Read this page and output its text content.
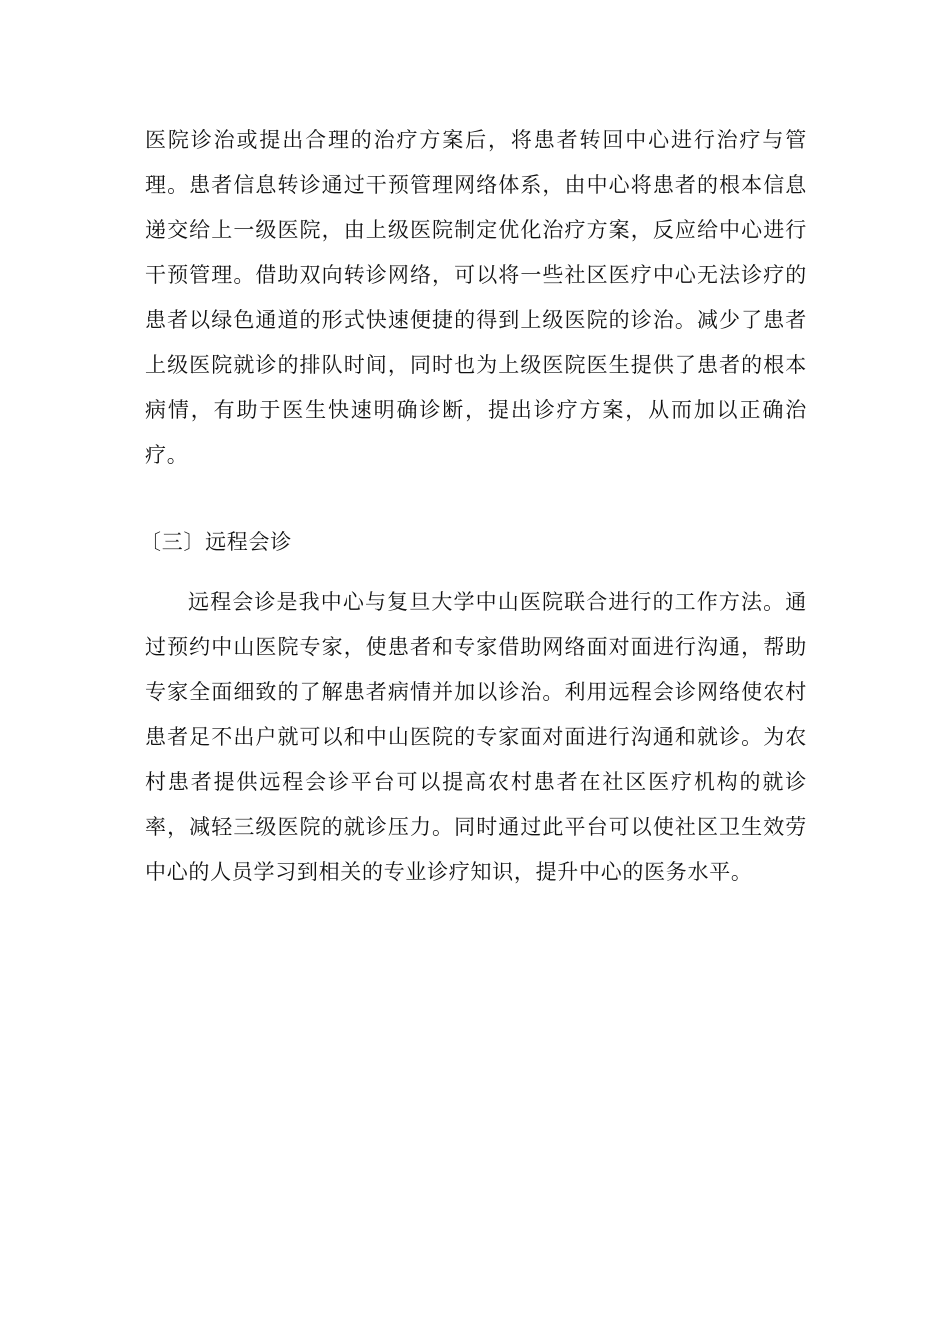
医院诊治或提出合理的治疗方案后，将患者转回中心进行治疗与管理。患者信息转诊通过干预管理网络体系，由中心将患者的根本信息递交给上一级医院，由上级医院制定优化治疗方案，反应给中心进行干预管理。借助双向转诊网络，可以将一些社区医疗中心无法诊疗的患者以绿色通道的形式快速便捷的得到上级医院的诊治。减少了患者上级医院就诊的排队时间，同时也为上级医院医生提供了患者的根本病情，有助于医生快速明确诊断，提出诊疗方案，从而加以正确治疗。

〔三〕远程会诊

远程会诊是我中心与复旦大学中山医院联合进行的工作方法。通过预约中山医院专家，使患者和专家借助网络面对面进行沟通，帮助专家全面细致的了解患者病情并加以诊治。利用远程会诊网络使农村患者足不出户就可以和中山医院的专家面对面进行沟通和就诊。为农村患者提供远程会诊平台可以提高农村患者在社区医疗机构的就诊率，减轻三级医院的就诊压力。同时通过此平台可以使社区卫生效劳中心的人员学习到相关的专业诊疗知识，提升中心的医务水平。
